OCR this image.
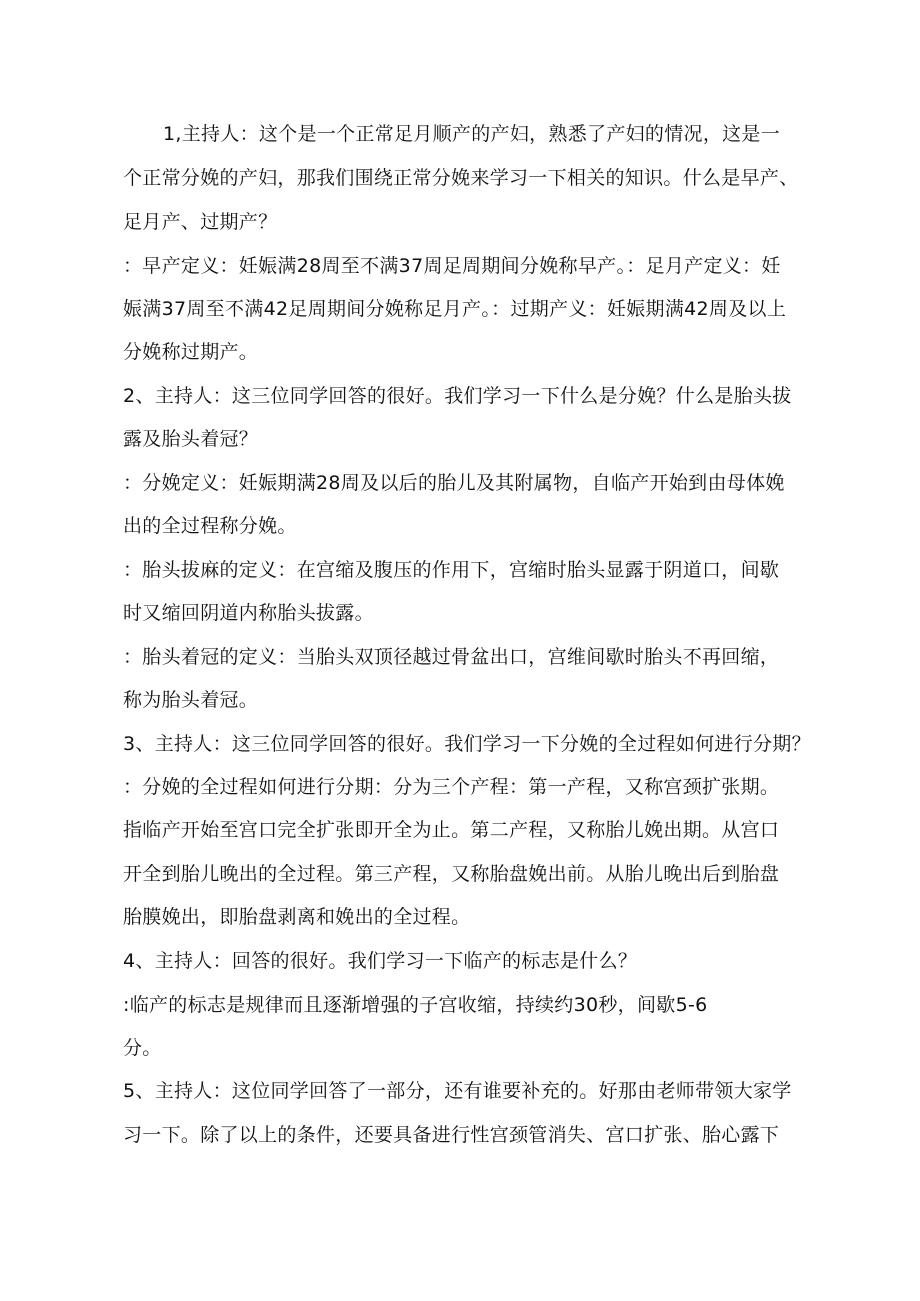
1,主持人：这个是一个正常足月顺产的产妇，熟悉了产妇的情况，这是一
个正常分娩的产妇，那我们围绕正常分娩来学习一下相关的知识。什么是早产、
足月产、过期产？
：早产定义：妊娠满28周至不满37周足周期间分娩称早产。：足月产定义：妊
娠满37周至不满42足周期间分娩称足月产。：过期产义：妊娠期满42周及以上
分娩称过期产。
2、主持人：这三位同学回答的很好。我们学习一下什么是分娩？什么是胎头拔
露及胎头着冠？
：分娩定义：妊娠期满28周及以后的胎儿及其附属物，自临产开始到由母体娩
出的全过程称分娩。
：胎头拔麻的定义：在宫缩及腹压的作用下，宫缩时胎头显露于阴道口，间歇
时又缩回阴道内称胎头拔露。
：胎头着冠的定义：当胎头双顶径越过骨盆出口，宫维间歇时胎头不再回缩，
称为胎头着冠。
3、主持人：这三位同学回答的很好。我们学习一下分娩的全过程如何进行分期？
：分娩的全过程如何进行分期：分为三个产程：第一产程，又称宫颈扩张期。
指临产开始至宫口完全扩张即开全为止。第二产程，又称胎儿娩出期。从宫口
开全到胎儿晚出的全过程。第三产程，又称胎盘娩出前。从胎儿晚出后到胎盘
胎膜娩出，即胎盘剥离和娩出的全过程。
4、主持人：回答的很好。我们学习一下临产的标志是什么？
:临产的标志是规律而且逐渐增强的子宫收缩，持续约30秒，间歇5-6
分。
5、主持人：这位同学回答了一部分，还有谁要补充的。好那由老师带领大家学
习一下。除了以上的条件，还要具备进行性宫颈管消失、宫口扩张、胎心露下
